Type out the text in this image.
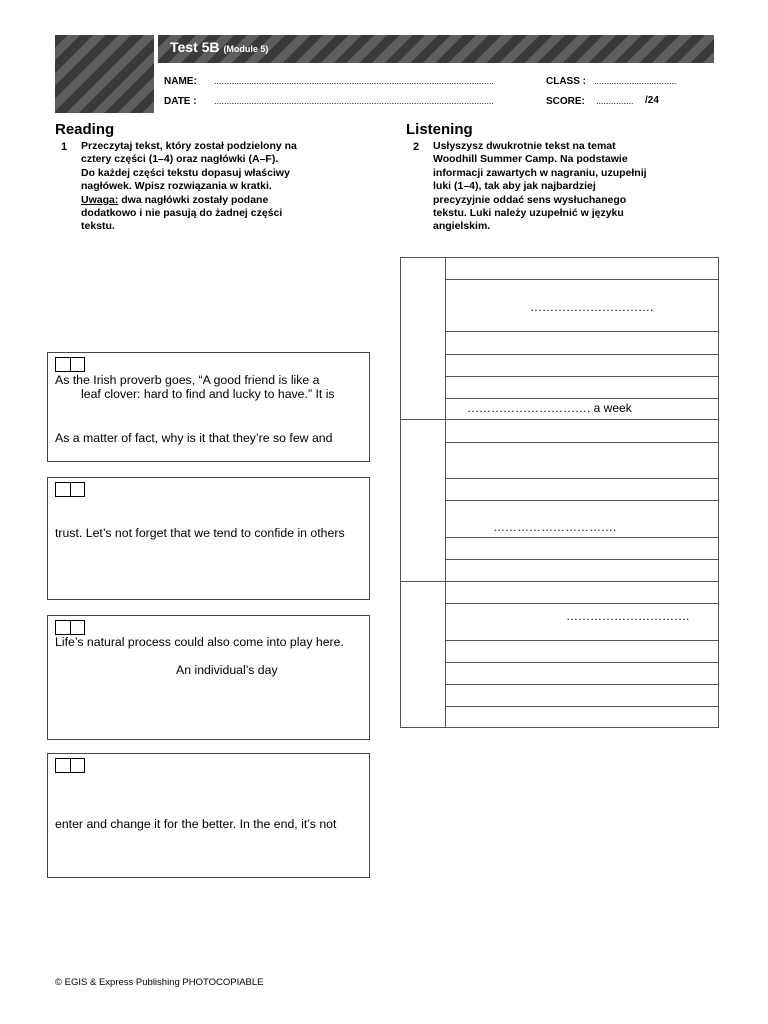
Test 5B (Module 5)
NAME: ................................................................................................................	CLASS : .................................
DATE : ................................................................................................................	SCORE: ...............	/24
Reading
1 Przeczytaj tekst, który został podzielony na
cztery części (1–4) oraz nagłówki (A–F).
Do każdej części tekstu dopasuj właściwy
nagłówek. Wpisz rozwiązania w kratki.
Uwaga: dwa nagłówki zostały podane
dodatkowo i nie pasują do żadnej części
tekstu.
As the Irish proverb goes, “A good friend is like a
leaf clover: hard to find and lucky to have.” It is
As a matter of fact, why is it that they’re so few and
trust. Let’s not forget that we tend to confide in others
Life’s natural process could also come into play here.
An individual’s day
enter and change it for the better. In the end, it’s not
Listening
2 Usłyszysz dwukrotnie tekst na temat
Woodhill Summer Camp. Na podstawie
informacji zawartych w nagraniu, uzupełnij
luki (1–4), tak aby jak najbardziej
precyzyjnie oddać sens wysłuchanego
tekstu. Luki należy uzupełnić w języku
angielskim.
………………………….
…………………………. a week
………………………….
………………………….
© EGIS & Express Publishing PHOTOCOPIABLE
